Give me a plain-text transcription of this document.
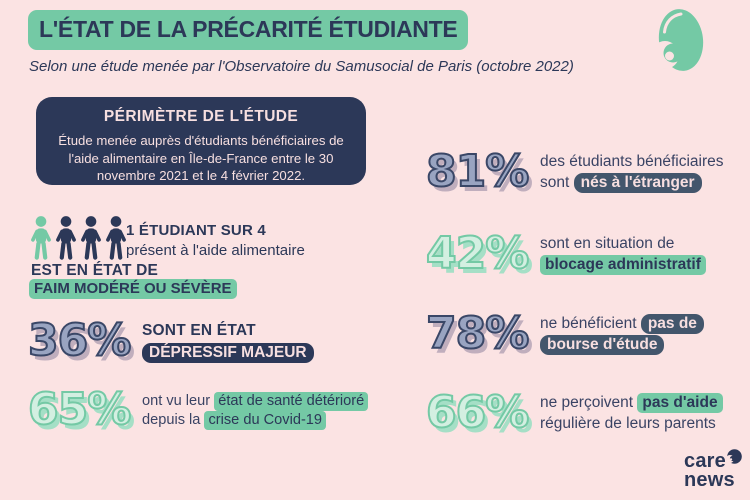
L'ÉTAT DE LA PRÉCARITÉ ÉTUDIANTE
Selon une étude menée par l'Observatoire du Samusocial de Paris (octobre 2022)
PÉRIMÈTRE DE L'ÉTUDE
Étude menée auprès d'étudiants bénéficiaires de l'aide alimentaire en Île-de-France entre le 30 novembre 2021 et le 4 février 2022.
1 ÉTUDIANT SUR 4
présent à l'aide alimentaire
EST EN ÉTAT DE
FAIM MODÉRÉ OU SÉVÈRE
36% SONT EN ÉTAT
DÉPRESSIF MAJEUR
65% ont vu leur état de santé détérioré
depuis la crise du Covid-19
81% des étudiants bénéficiaires
sont nés à l'étranger
42% sont en situation de
blocage administratif
78% ne bénéficient pas de
bourse d'étude
66% ne perçoivent pas d'aide
régulière de leurs parents
care
news
